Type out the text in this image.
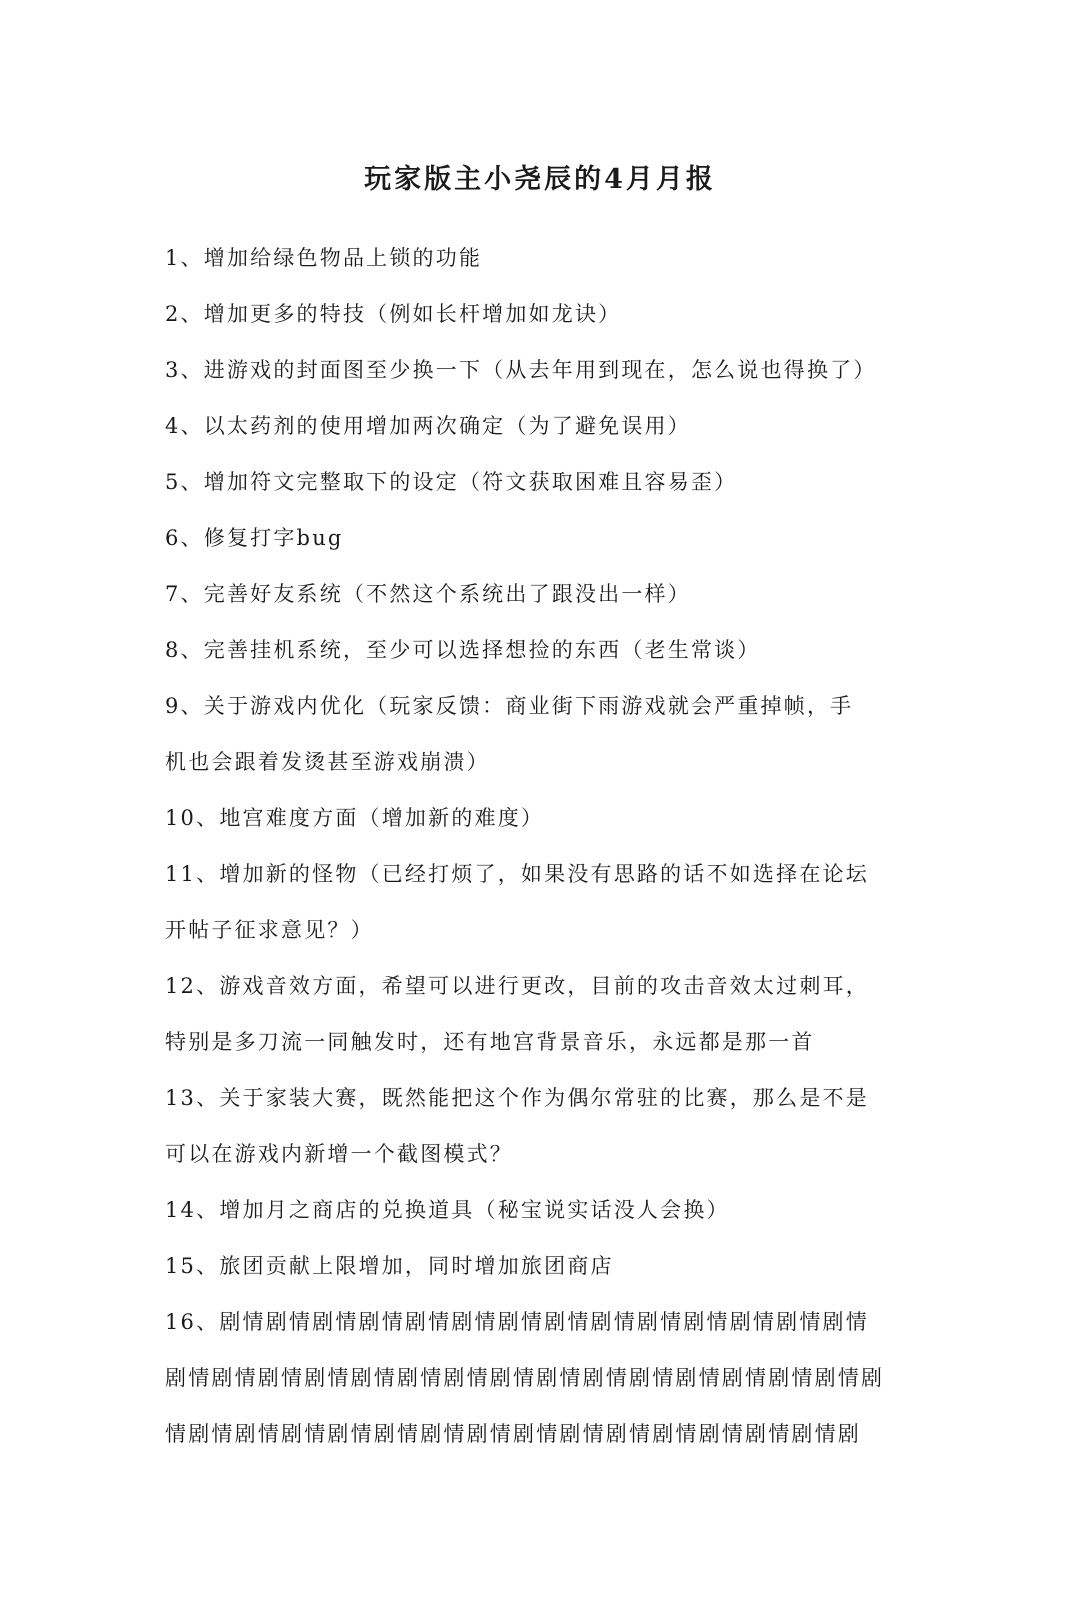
玩家版主小尧辰的4月月报
1、增加给绿色物品上锁的功能
2、增加更多的特技（例如长杆增加如龙诀）
3、进游戏的封面图至少换一下（从去年用到现在，怎么说也得换了）
4、以太药剂的使用增加两次确定（为了避免误用）
5、增加符文完整取下的设定（符文获取困难且容易歪）
6、修复打字bug
7、完善好友系统（不然这个系统出了跟没出一样）
8、完善挂机系统，至少可以选择想捡的东西（老生常谈）
9、关于游戏内优化（玩家反馈：商业街下雨游戏就会严重掉帧，手
机也会跟着发烫甚至游戏崩溃）
10、地宫难度方面（增加新的难度）
11、增加新的怪物（已经打烦了，如果没有思路的话不如选择在论坛
开帖子征求意见？）
12、游戏音效方面，希望可以进行更改，目前的攻击音效太过刺耳，
特别是多刀流一同触发时，还有地宫背景音乐，永远都是那一首
13、关于家装大赛，既然能把这个作为偶尔常驻的比赛，那么是不是
可以在游戏内新增一个截图模式？
14、增加月之商店的兑换道具（秘宝说实话没人会换）
15、旅团贡献上限增加，同时增加旅团商店
16、剧情剧情剧情剧情剧情剧情剧情剧情剧情剧情剧情剧情剧情剧情
剧情剧情剧情剧情剧情剧情剧情剧情剧情剧情剧情剧情剧情剧情剧情剧
情剧情剧情剧情剧情剧情剧情剧情剧情剧情剧情剧情剧情剧情剧情剧
